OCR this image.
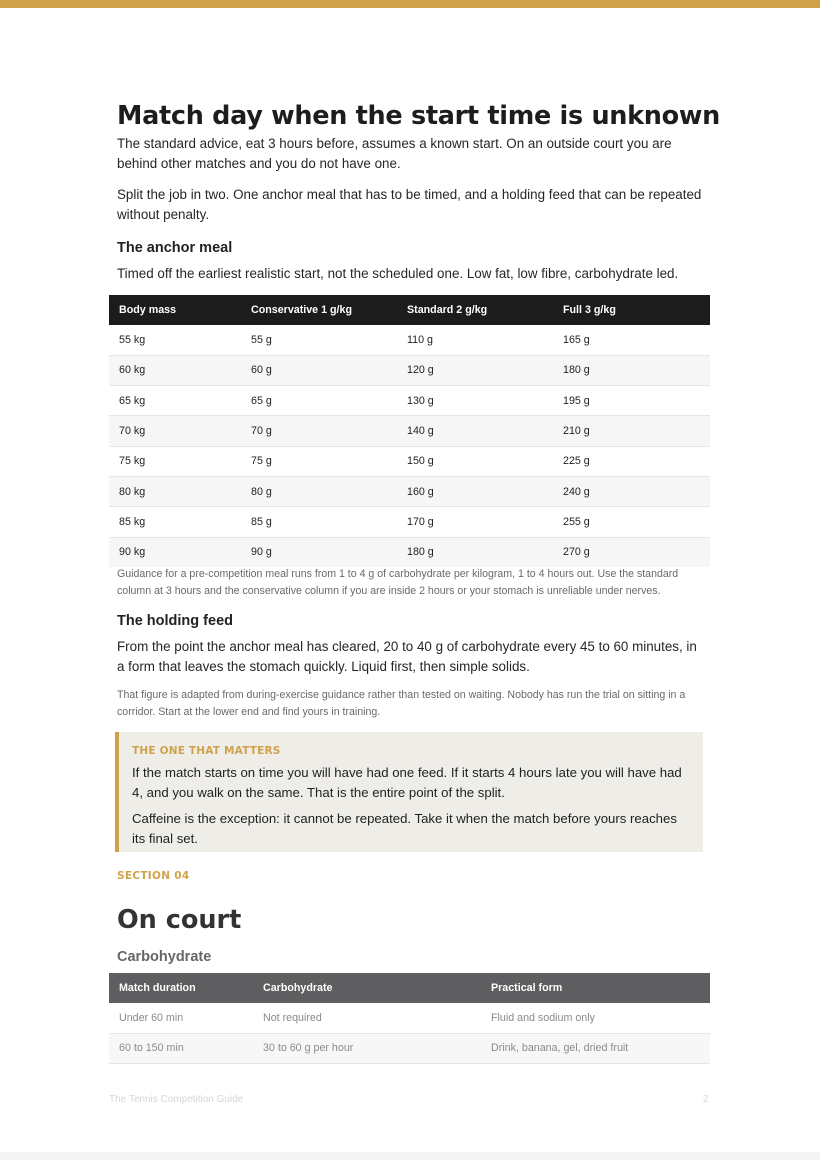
Match day when the start time is unknown

The standard advice, eat 3 hours before, assumes a known start. On an outside court you are behind other matches and you do not have one.

Split the job in two. One anchor meal that has to be timed, and a holding feed that can be repeated without penalty.

The anchor meal

Timed off the earliest realistic start, not the scheduled one. Low fat, low fibre, carbohydrate led.

Body mass	Conservative 1 g/kg	Standard 2 g/kg	Full 3 g/kg
55 kg	55 g	110 g	165 g
60 kg	60 g	120 g	180 g
65 kg	65 g	130 g	195 g
70 kg	70 g	140 g	210 g
75 kg	75 g	150 g	225 g
80 kg	80 g	160 g	240 g
85 kg	85 g	170 g	255 g
90 kg	90 g	180 g	270 g

Guidance for a pre-competition meal runs from 1 to 4 g of carbohydrate per kilogram, 1 to 4 hours out. Use the standard column at 3 hours and the conservative column if you are inside 2 hours or your stomach is unreliable under nerves.

The holding feed

From the point the anchor meal has cleared, 20 to 40 g of carbohydrate every 45 to 60 minutes, in a form that leaves the stomach quickly. Liquid first, then simple solids.

That figure is adapted from during-exercise guidance rather than tested on waiting. Nobody has run the trial on sitting in a corridor. Start at the lower end and find yours in training.

THE ONE THAT MATTERS

If the match starts on time you will have had one feed. If it starts 4 hours late you will have had 4, and you walk on the same. That is the entire point of the split.

Caffeine is the exception: it cannot be repeated. Take it when the match before yours reaches its final set.

SECTION 04
On court
Carbohydrate
Match duration	Carbohydrate	Practical form
Under 60 min	Not required	Fluid and sodium only
60 to 150 min	30 to 60 g per hour	Drink, banana, gel, dried fruit
The Tennis Competition Guide	2
